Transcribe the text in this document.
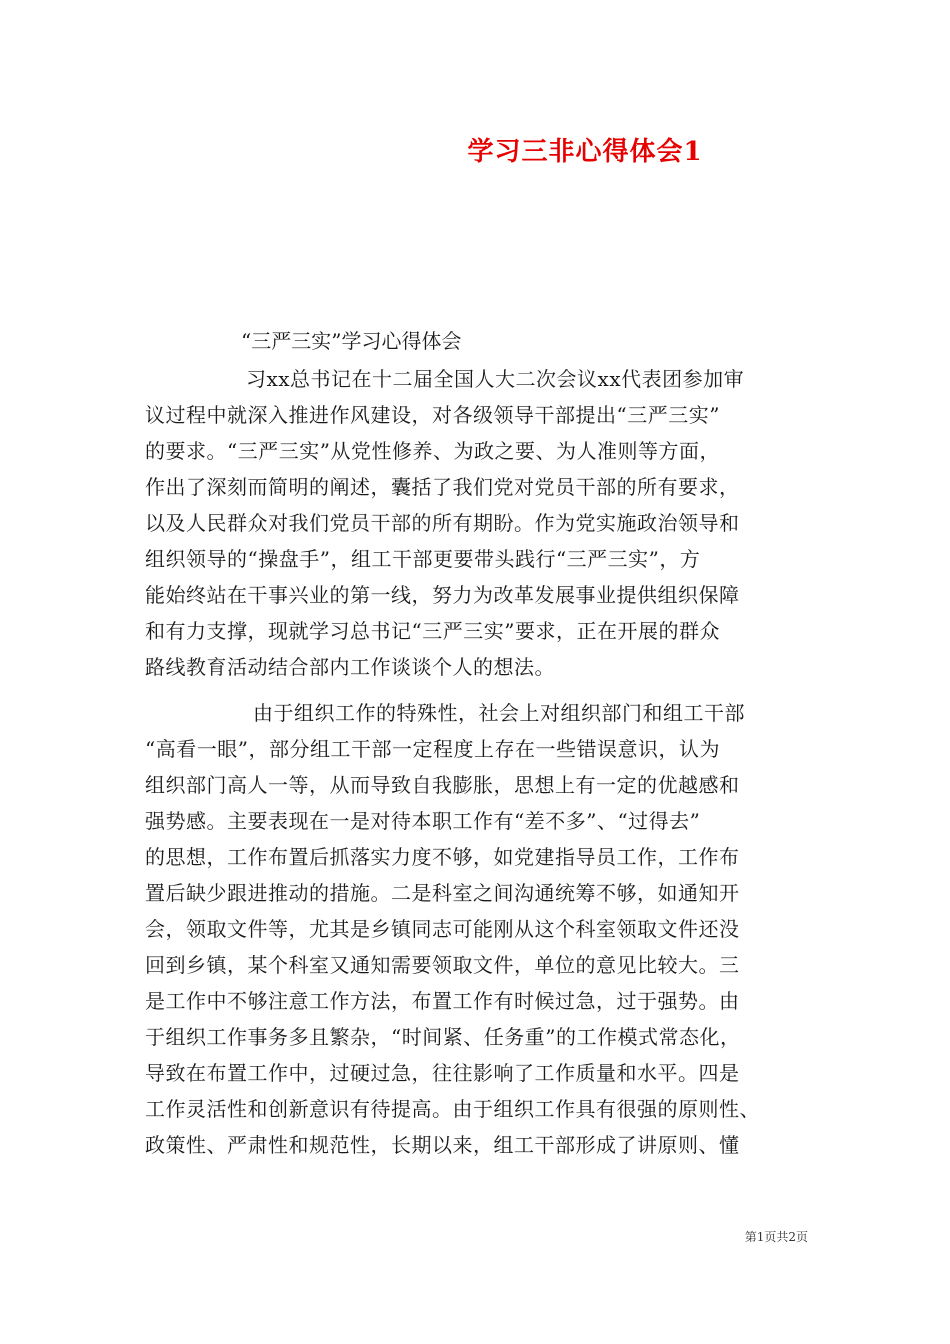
学习三非心得体会1
“三严三实”学习心得体会
习xx总书记在十二届全国人大二次会议xx代表团参加审
议过程中就深入推进作风建设，对各级领导干部提出“三严三实”
的要求。“三严三实”从党性修养、为政之要、为人准则等方面，
作出了深刻而简明的阐述，囊括了我们党对党员干部的所有要求，
以及人民群众对我们党员干部的所有期盼。作为党实施政治领导和
组织领导的“操盘手”，组工干部更要带头践行“三严三实”，方
能始终站在干事兴业的第一线，努力为改革发展事业提供组织保障
和有力支撑，现就学习总书记“三严三实”要求，正在开展的群众
路线教育活动结合部内工作谈谈个人的想法。
由于组织工作的特殊性，社会上对组织部门和组工干部
“高看一眼”，部分组工干部一定程度上存在一些错误意识，认为
组织部门高人一等，从而导致自我膨胀，思想上有一定的优越感和
强势感。主要表现在一是对待本职工作有“差不多”、“过得去”
的思想，工作布置后抓落实力度不够，如党建指导员工作，工作布
置后缺少跟进推动的措施。二是科室之间沟通统筹不够，如通知开
会，领取文件等，尤其是乡镇同志可能刚从这个科室领取文件还没
回到乡镇，某个科室又通知需要领取文件，单位的意见比较大。三
是工作中不够注意工作方法，布置工作有时候过急，过于强势。由
于组织工作事务多且繁杂，“时间紧、任务重”的工作模式常态化，
导致在布置工作中，过硬过急，往往影响了工作质量和水平。四是
工作灵活性和创新意识有待提高。由于组织工作具有很强的原则性、
政策性、严肃性和规范性，长期以来，组工干部形成了讲原则、懂
第1页共2页
